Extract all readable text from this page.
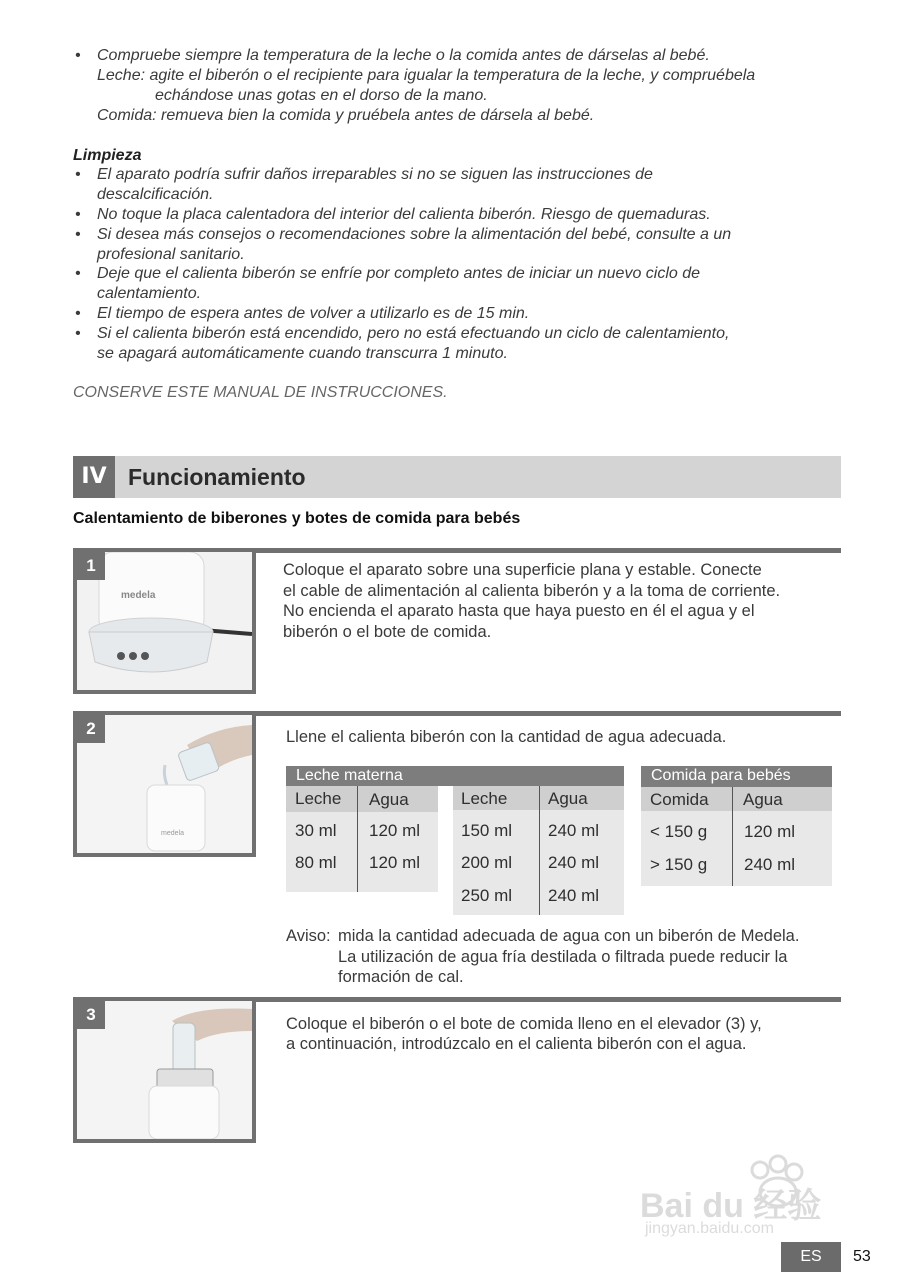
• Compruebe siempre la temperatura de la leche o la comida antes de dárselas al bebé.
Leche: agite el biberón o el recipiente para igualar la temperatura de la leche, y compruébela
echándose unas gotas en el dorso de la mano.
Comida: remueva bien la comida y pruébela antes de dársela al bebé.
Limpieza
• El aparato podría sufrir daños irreparables si no se siguen las instrucciones de
descalcificación.
• No toque la placa calentadora del interior del calienta biberón. Riesgo de quemaduras.
• Si desea más consejos o recomendaciones sobre la alimentación del bebé, consulte a un
profesional sanitario.
• Deje que el calienta biberón se enfríe por completo antes de iniciar un nuevo ciclo de
calentamiento.
• El tiempo de espera antes de volver a utilizarlo es de 15 min.
• Si el calienta biberón está encendido, pero no está efectuando un ciclo de calentamiento,
se apagará automáticamente cuando transcurra 1 minuto.
CONSERVE ESTE MANUAL DE INSTRUCCIONES.
IV Funcionamiento
Calentamiento de biberones y botes de comida para bebés
medela
1	Coloque el aparato sobre una superficie plana y estable. Conecte
el cable de alimentación al calienta biberón y a la toma de corriente.
No encienda el aparato hasta que haya puesto en él el agua y el
biberón o el bote de comida.
medela
2	Llene el calienta biberón con la cantidad de agua adecuada.
Leche materna
Leche Agua
30 ml 120 ml
80 ml 120 ml
Leche Agua
150 ml 240 ml
200 ml 240 ml
250 ml 240 ml
Comida para bebés
Comida Agua
< 150 g 120 ml
> 150 g 240 ml
Aviso: mida la cantidad adecuada de agua con un biberón de Medela.
La utilización de agua fría destilada o filtrada puede reducir la
formación de cal.
3	Coloque el biberón o el bote de comida lleno en el elevador (3) y,
a continuación, introdúzcalo en el calienta biberón con el agua.
Bai du 经验
jingyan.baidu.com
ES	53
